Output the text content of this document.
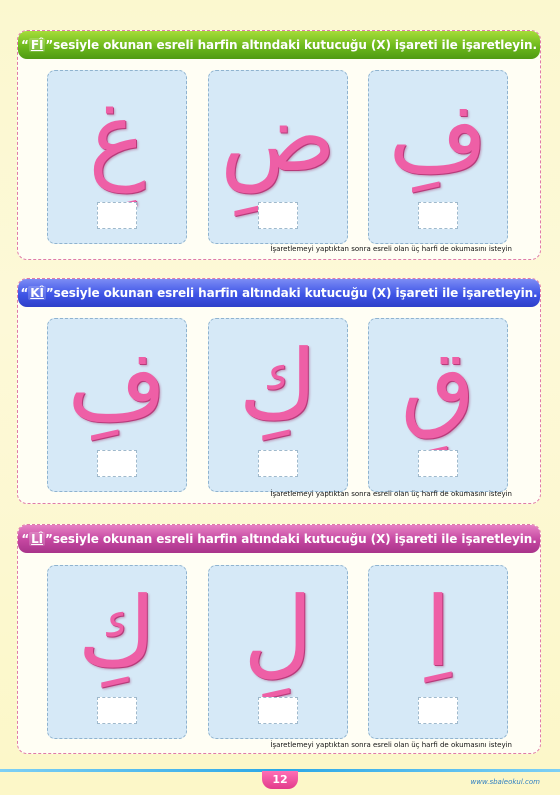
“ FÎ ” sesiyle okunan esreli harfin altındaki kutucuğu (X) işareti ile işaretleyin.
غِ ضِ فِ
İşaretlemeyi yaptıktan sonra esreli olan üç harfi de okumasını isteyin
“ KÎ ” sesiyle okunan esreli harfin altındaki kutucuğu (X) işareti ile işaretleyin.
فِ كِ قِ
İşaretlemeyi yaptıktan sonra esreli olan üç harfi de okumasını isteyin
“ LÎ ” sesiyle okunan esreli harfin altındaki kutucuğu (X) işareti ile işaretleyin.
كِ لِ	اِ
İşaretlemeyi yaptıktan sonra esreli olan üç harfi de okumasını isteyin
12	www.sbaleokul.com
